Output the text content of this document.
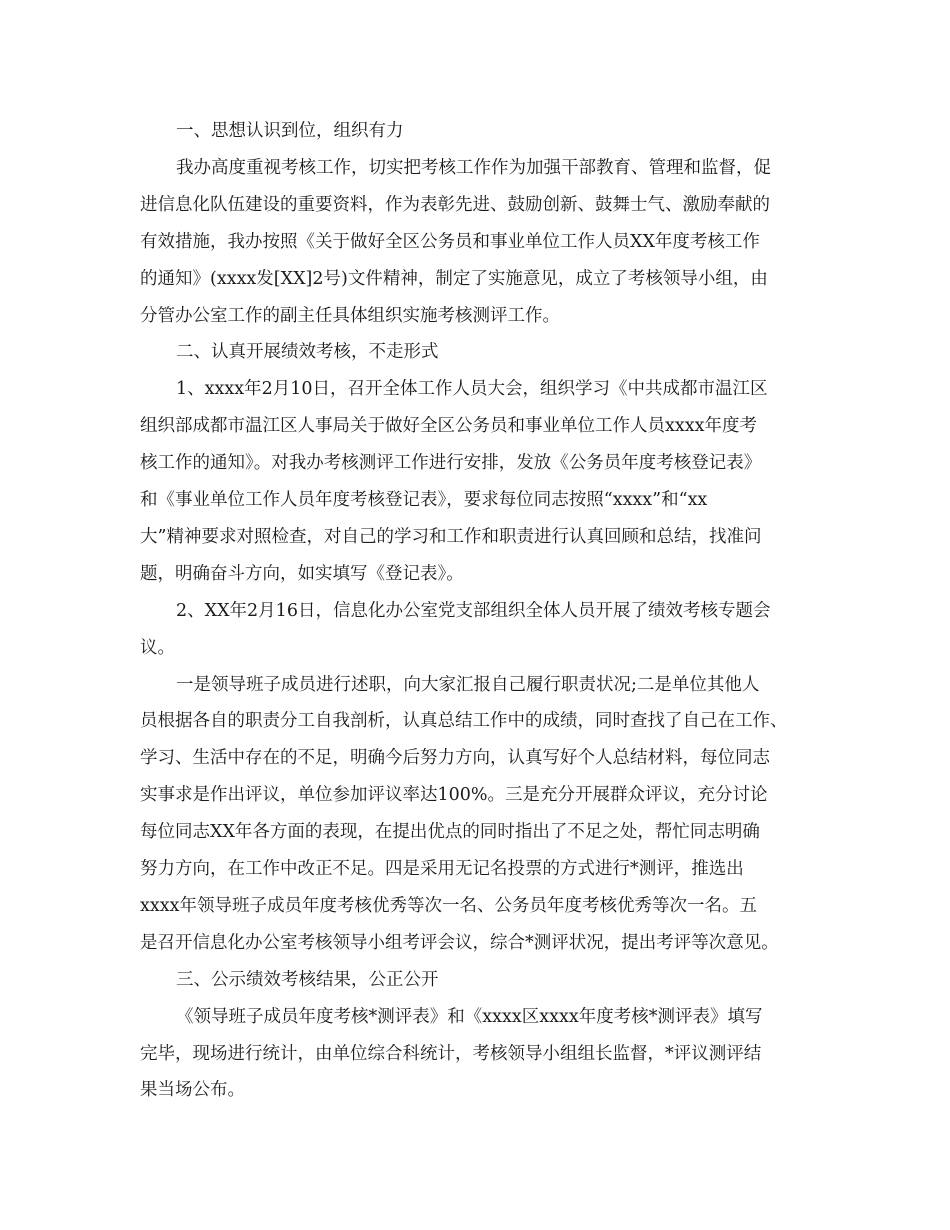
一、思想认识到位，组织有力
我办高度重视考核工作，切实把考核工作作为加强干部教育、管理和监督，促
进信息化队伍建设的重要资料，作为表彰先进、鼓励创新、鼓舞士气、激励奉献的
有效措施，我办按照《关于做好全区公务员和事业单位工作人员XX年度考核工作
的通知》(xxxx发[XX]2号)文件精神，制定了实施意见，成立了考核领导小组，由
分管办公室工作的副主任具体组织实施考核测评工作。
二、认真开展绩效考核，不走形式
1、xxxx年2月10日，召开全体工作人员大会，组织学习《中共成都市温江区
组织部成都市温江区人事局关于做好全区公务员和事业单位工作人员xxxx年度考
核工作的通知》。对我办考核测评工作进行安排，发放《公务员年度考核登记表》
和《事业单位工作人员年度考核登记表》，要求每位同志按照“xxxx”和“xx
大”精神要求对照检查，对自己的学习和工作和职责进行认真回顾和总结，找准问
题，明确奋斗方向，如实填写《登记表》。
2、XX年2月16日，信息化办公室党支部组织全体人员开展了绩效考核专题会
议。
一是领导班子成员进行述职，向大家汇报自己履行职责状况;二是单位其他人
员根据各自的职责分工自我剖析，认真总结工作中的成绩，同时查找了自己在工作、
学习、生活中存在的不足，明确今后努力方向，认真写好个人总结材料，每位同志
实事求是作出评议，单位参加评议率达100%。三是充分开展群众评议，充分讨论
每位同志XX年各方面的表现，在提出优点的同时指出了不足之处，帮忙同志明确
努力方向，在工作中改正不足。四是采用无记名投票的方式进行*测评，推选出
xxxx年领导班子成员年度考核优秀等次一名、公务员年度考核优秀等次一名。五
是召开信息化办公室考核领导小组考评会议，综合*测评状况，提出考评等次意见。
三、公示绩效考核结果，公正公开
《领导班子成员年度考核*测评表》和《xxxx区xxxx年度考核*测评表》填写
完毕，现场进行统计，由单位综合科统计，考核领导小组组长监督，*评议测评结
果当场公布。
